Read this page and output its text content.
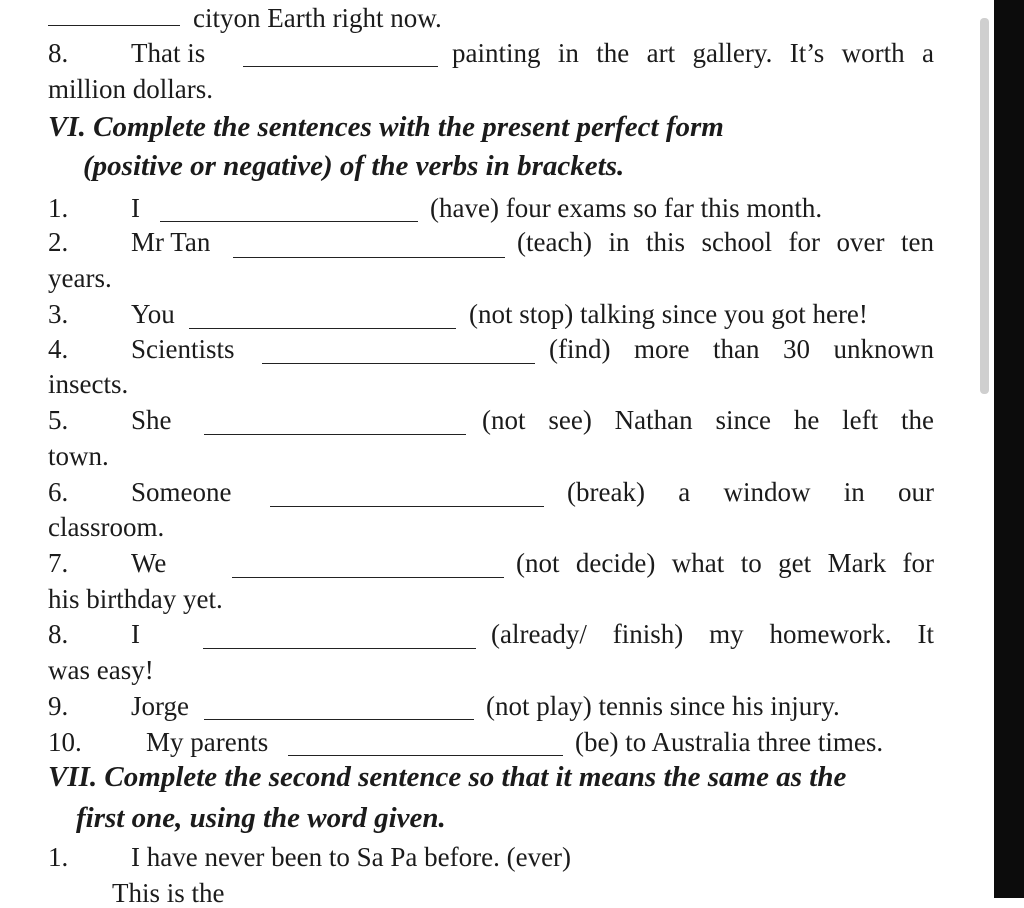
cityon Earth right now.
8. That is	painting in the art gallery. It’s worth a
million dollars.
VI. Complete the sentences with the present perfect form
(positive or negative) of the verbs in brackets.
1. I	(have) four exams so far this month.
2. Mr Tan	(teach) in this school for over ten
years.
3. You	(not stop) talking since you got here!
4. Scientists	(find) more than 30 unknown
insects.
5. She	(not see) Nathan since he left the
town.
6. Someone	(break) a window in our
classroom.
7. We	(not decide) what to get Mark for
his birthday yet.
8. I	(already/ finish) my homework. It
was easy!
9. Jorge	(not play) tennis since his injury.
10. My parents	(be) to Australia three times.
VII. Complete the second sentence so that it means the same as the
first one, using the word given.
1. I have never been to Sa Pa before. (ever)
This is the
